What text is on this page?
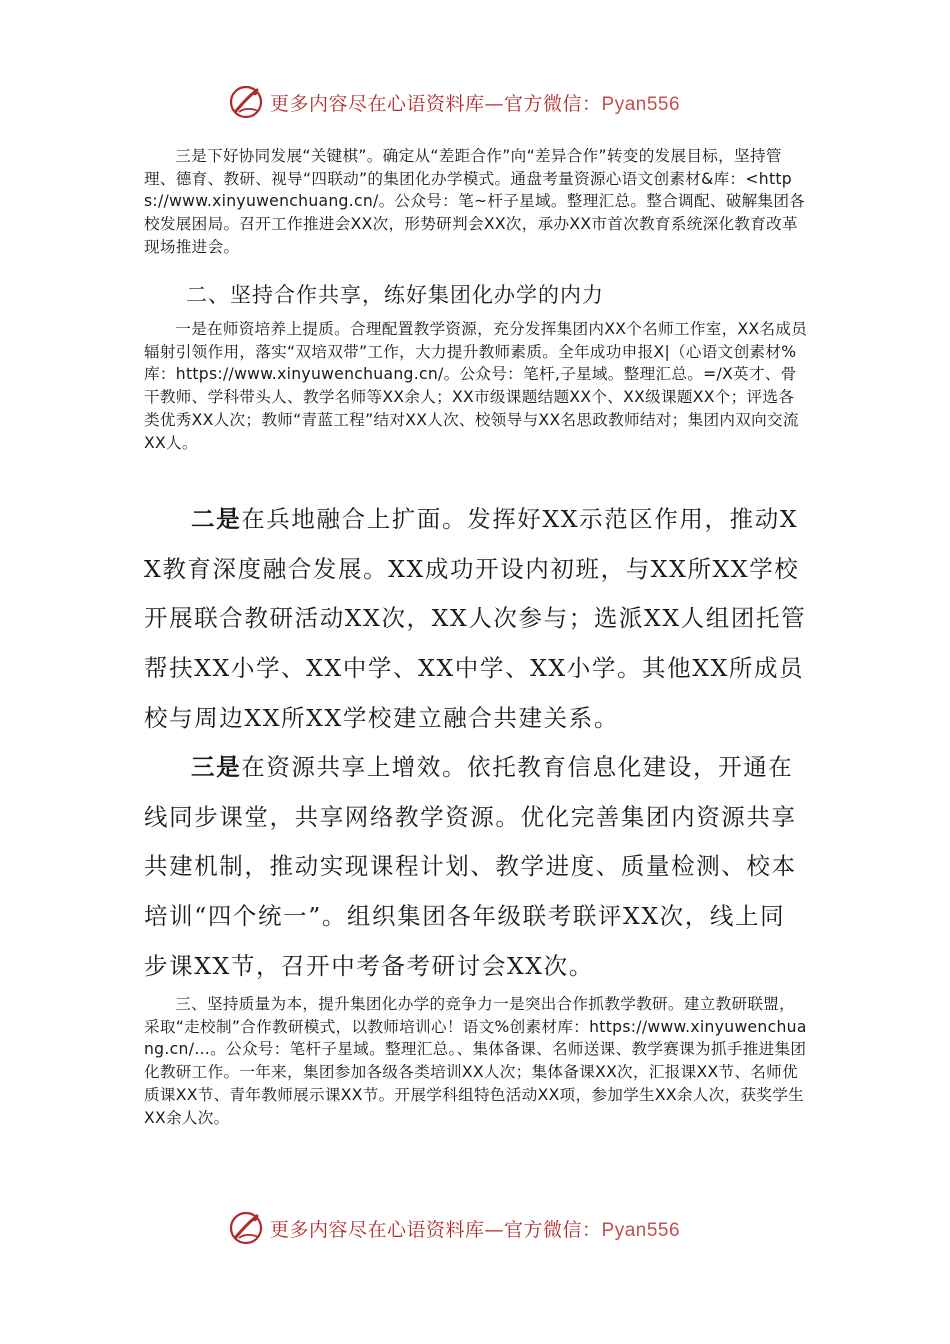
更多内容尽在心语资料库—官方微信：Pyan556

三是下好协同发展“关键棋”。确定从“差距合作”向“差异合作”转变的发展目标，坚持管理、德育、教研、视导“四联动”的集团化办学模式。通盘考量资源心语文创素材&库：<https://www.xinyuwenchuang.cn/。公众号：笔~杆子星域。整理汇总。整合调配、破解集团各校发展困局。召开工作推进会XX次，形势研判会XX次，承办XX市首次教育系统深化教育改革现场推进会。

二、坚持合作共享，练好集团化办学的内力

一是在师资培养上提质。合理配置教学资源，充分发挥集团内XX个名师工作室，XX名成员辐射引领作用，落实“双培双带”工作，大力提升教师素质。全年成功申报X|（心语文创素材%库：https://www.xinyuwenchuang.cn/。公众号：笔杆,子星域。整理汇总。=/X英才、骨干教师、学科带头人、教学名师等XX余人；XX市级课题结题XX个、XX级课题XX个；评选各类优秀XX人次；教师“青蓝工程”结对XX人次、校领导与XX名思政教师结对；集团内双向交流XX人。

二是在兵地融合上扩面。发挥好XX示范区作用，推动XX教育深度融合发展。XX成功开设内初班，与XX所XX学校开展联合教研活动XX次，XX人次参与；选派XX人组团托管帮扶XX小学、XX中学、XX中学、XX小学。其他XX所成员校与周边XX所XX学校建立融合共建关系。

三是在资源共享上增效。依托教育信息化建设，开通在线同步课堂，共享网络教学资源。优化完善集团内资源共享共建机制，推动实现课程计划、教学进度、质量检测、校本培训“四个统一”。组织集团各年级联考联评XX次，线上同步课XX节，召开中考备考研讨会XX次。

三、坚持质量为本，提升集团化办学的竞争力一是突出合作抓教学教研。建立教研联盟，采取“走校制”合作教研模式，以教师培训心！语文%创素材库：https://www.xinyuwenchuang.cn/…。公众号：笔杆子星域。整理汇总。、集体备课、名师送课、教学赛课为抓手推进集团化教研工作。一年来，集团参加各级各类培训XX人次；集体备课XX次，汇报课XX节、名师优质课XX节、青年教师展示课XX节。开展学科组特色活动XX项，参加学生XX余人次，获奖学生XX余人次。

更多内容尽在心语资料库—官方微信：Pyan556
